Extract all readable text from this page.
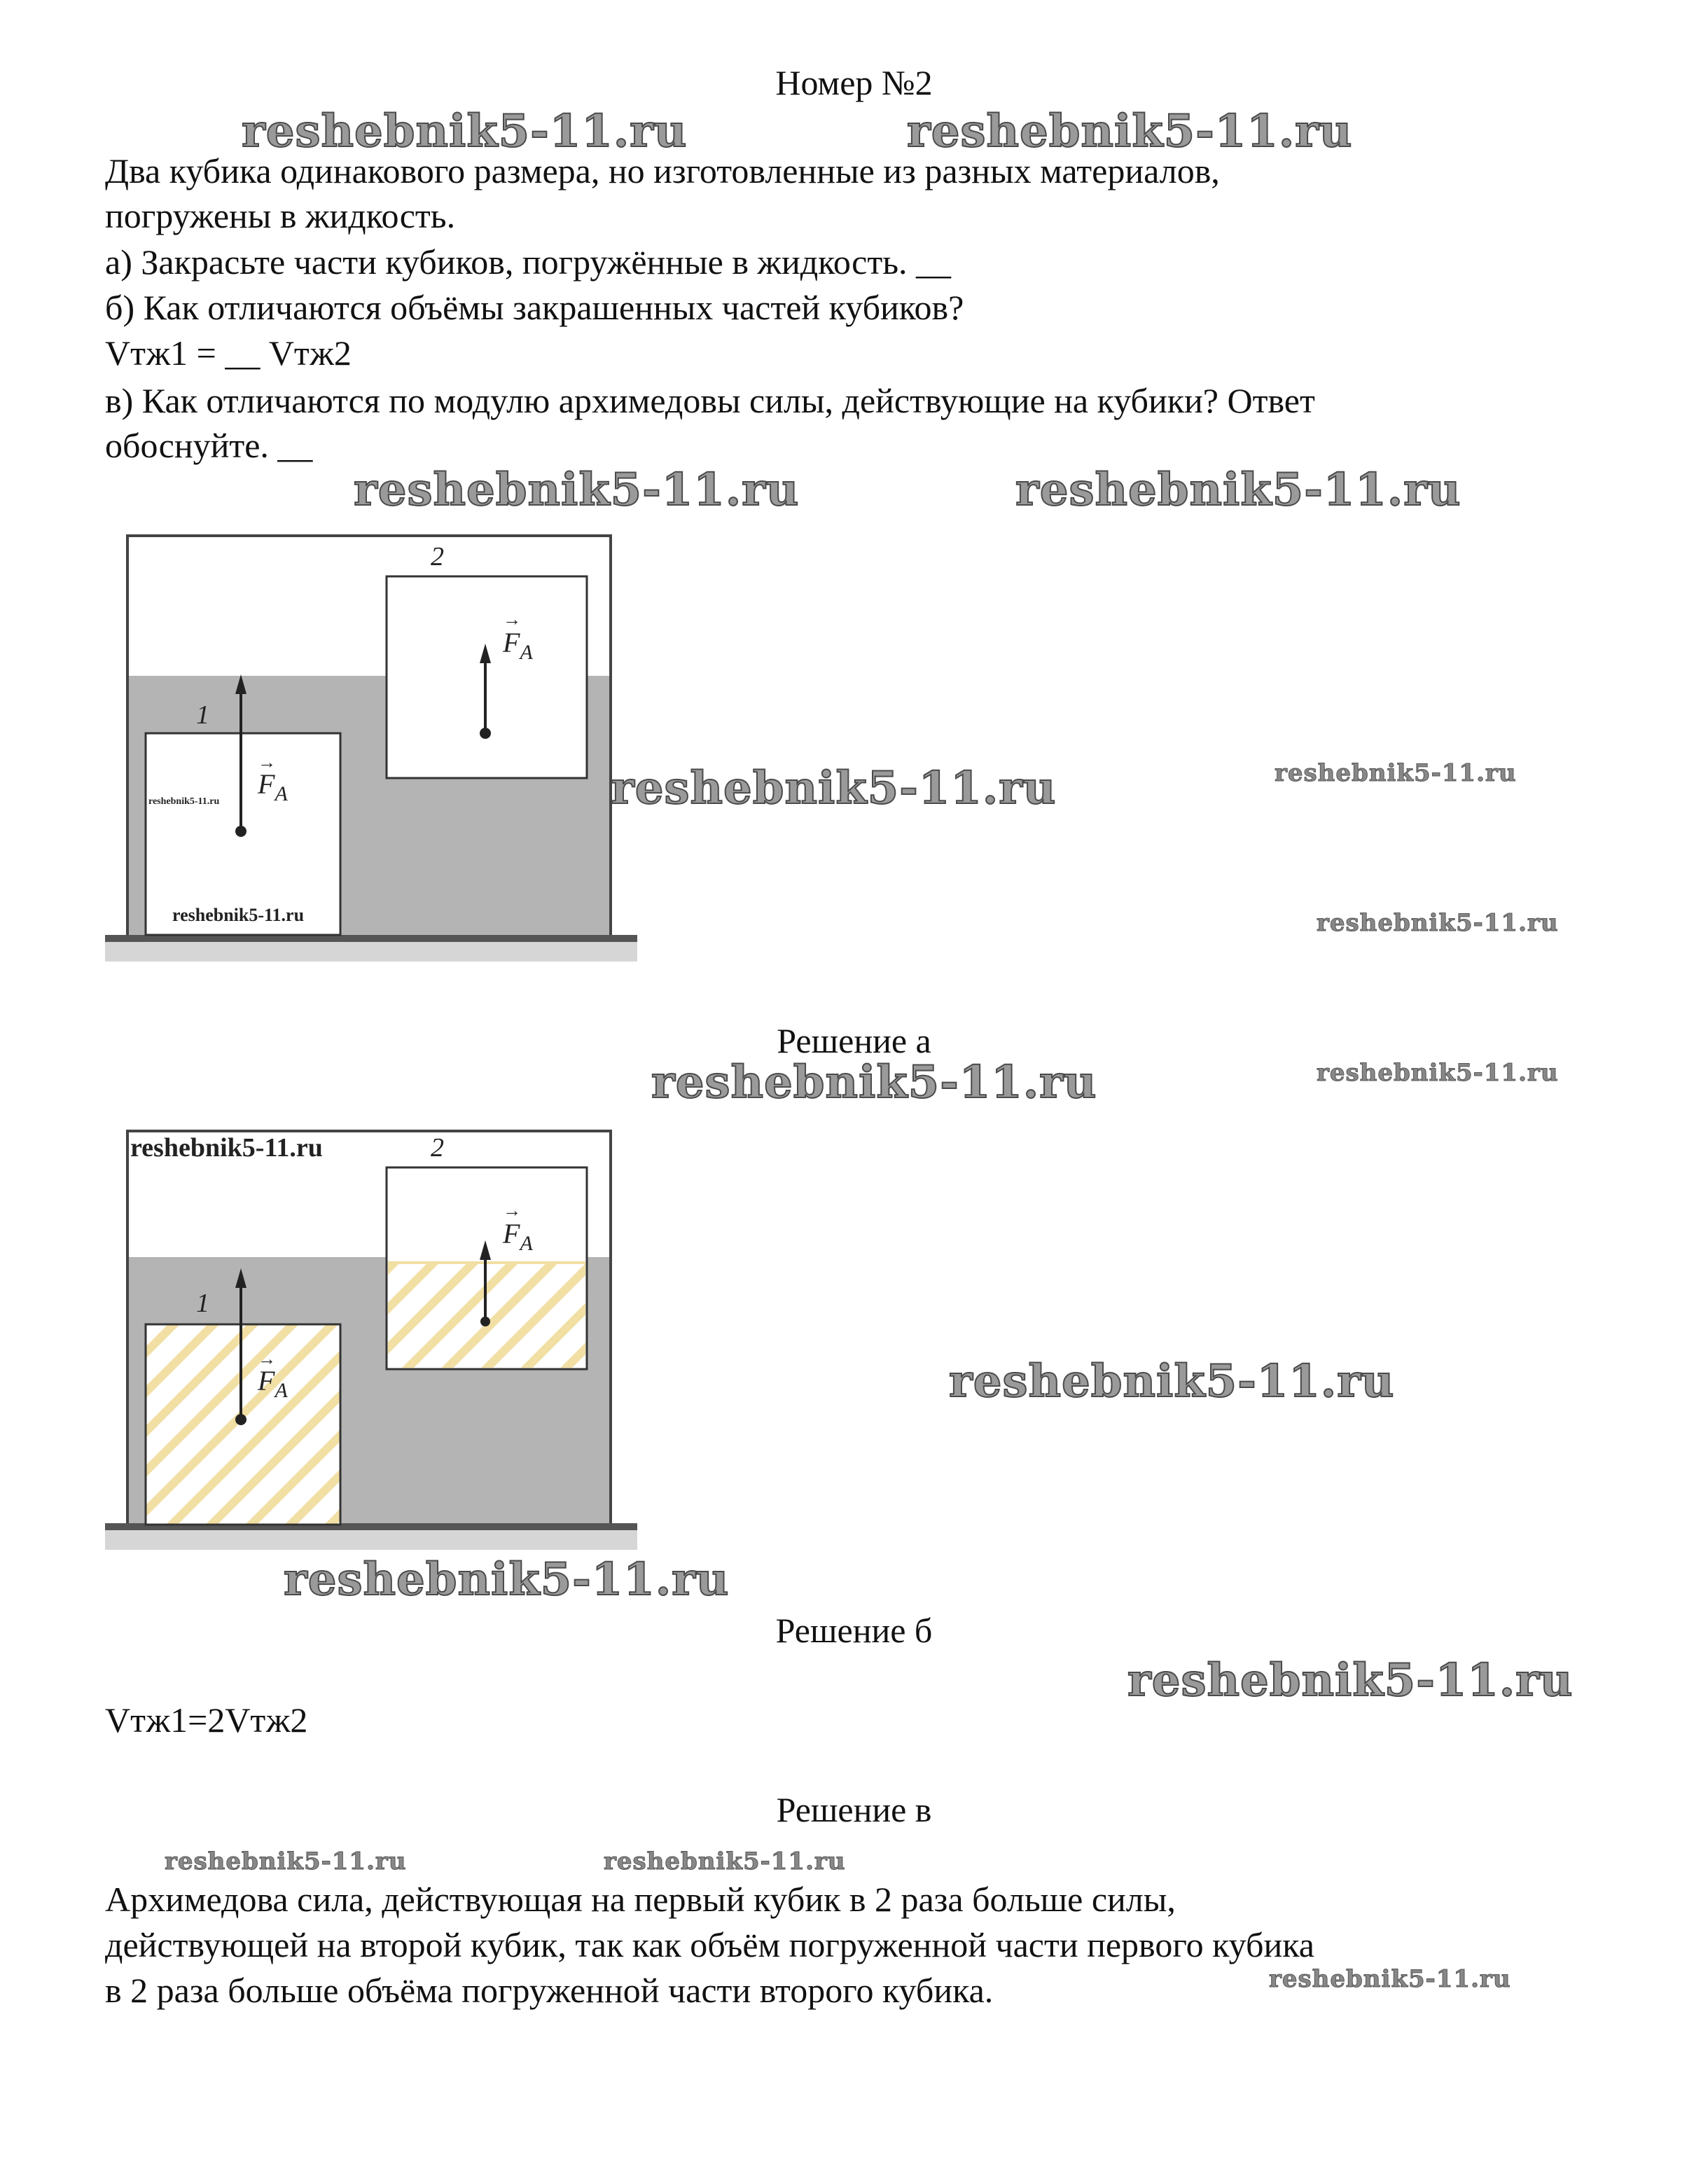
Номер №2
Два кубика одинакового размера, но изготовленные из разных материалов,
погружены в жидкость.
а) Закрасьте части кубиков, погружённые в жидкость. __
б) Как отличаются объёмы закрашенных частей кубиков?
Vтж1 = __ Vтж2
в) Как отличаются по модулю архимедовы силы, действующие на кубики? Ответ
обоснуйте. __
1
$F_A$
→
2
$F_A$
→
reshebnik5-11.ru
reshebnik5-11.ru
Решение а
1
$F_A$
→
2
$F_A$
→
reshebnik5-11.ru
Решение б
Vтж1=2Vтж2
Решение в
Архимедова сила, действующая на первый кубик в 2 раза больше силы,
действующей на второй кубик, так как объём погруженной части первого кубика
в 2 раза больше объёма погруженной части второго кубика.
reshebnik5-11.ru	reshebnik5-11.ru
reshebnik5-11.ru	reshebnik5-11.ru
reshebnik5-11.ru	reshebnik5-11.ru
reshebnik5-11.ru
reshebnik5-11.ru	reshebnik5-11.ru
reshebnik5-11.ru
reshebnik5-11.ru
reshebnik5-11.ru
reshebnik5-11.ru	reshebnik5-11.ru
reshebnik5-11.ru
